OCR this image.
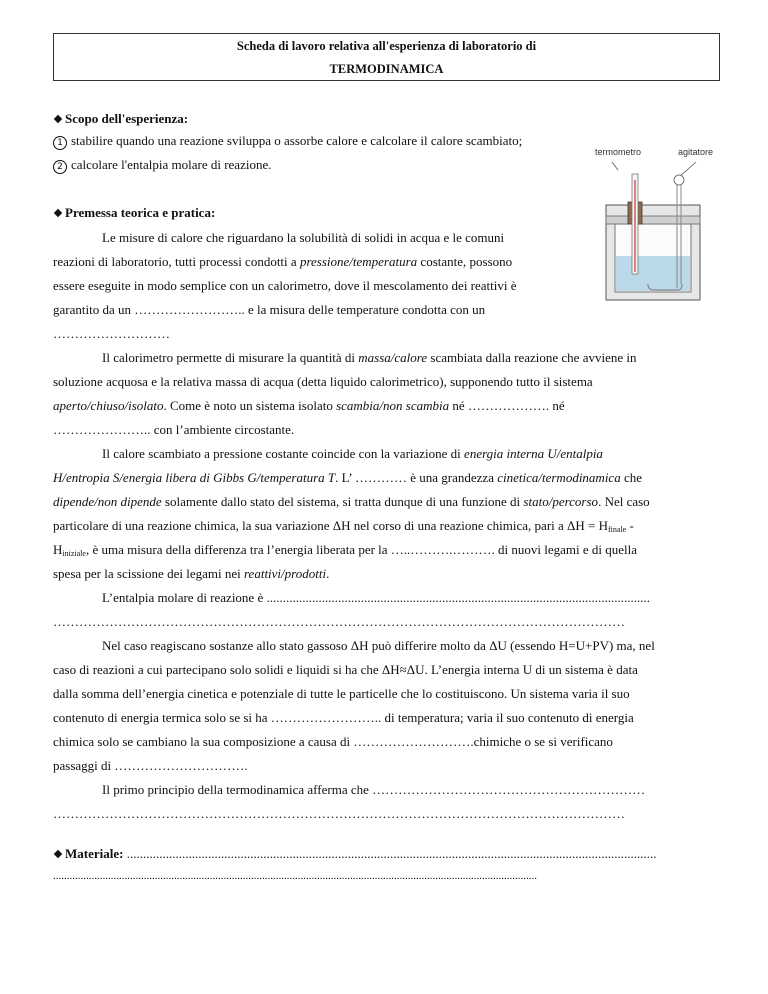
Scheda di lavoro relativa all'esperienza di laboratorio di
TERMODINAMICA
Scopo dell'esperienza:
1 stabilire quando una reazione sviluppa o assorbe calore e calcolare il calore scambiato;
2 calcolare l'entalpia molare di reazione.
termometro	agitatore
Premessa teorica e pratica:
Le misure di calore che riguardano la solubilità di solidi in acqua e le comuni
reazioni di laboratorio, tutti processi condotti a pressione/temperatura costante, possono
essere eseguite in modo semplice con un calorimetro, dove il mescolamento dei reattivi è
garantito da un …………………….. e la misura delle temperature condotta con un
………………………
Il calorimetro permette di misurare la quantità di massa/calore scambiata dalla reazione che avviene in
soluzione acquosa e la relativa massa di acqua (detta liquido calorimetrico), supponendo tutto il sistema
aperto/chiuso/isolato. Come è noto un sistema isolato scambia/non scambia né ………………. né
………………….. con l’ambiente circostante.
Il calore scambiato a pressione costante coincide con la variazione di energia interna U/entalpia
H/entropia S/energia libera di Gibbs G/temperatura T. L’ ………… è una grandezza cinetica/termodinamica che
dipende/non dipende solamente dallo stato del sistema, si tratta dunque di una funzione di stato/percorso. Nel caso
particolare di una reazione chimica, la sua variazione ΔH nel corso di una reazione chimica, pari a $\Delta H = H_{finale}$ -
$H_{iniziale}$, è uma misura della differenza tra l’energia liberata per la …..……….………. di nuovi legami e di quella
spesa per la scissione dei legami nei reattivi/prodotti.
L’entalpia molare di reazione è ......................................................................................................................
……………………………………………………………………………………………………………………
Nel caso reagiscano sostanze allo stato gassoso ΔH può differire molto da ΔU (essendo H=U+PV) ma, nel
caso di reazioni a cui partecipano solo solidi e liquidi si ha che ΔH≈ΔU. L’energia interna U di un sistema è data
dalla somma dell’energia cinetica e potenziale di tutte le particelle che lo costituiscono. Un sistema varia il suo
contenuto di energia termica solo se si ha …………………….. di temperatura; varia il suo contenuto di energia
chimica solo se cambiano la sua composizione a causa di ……………………….chimiche o se si verificano
passaggi di ………………………….
Il primo principio della termodinamica afferma che ………………………………………………………
……………………………………………………………………………………………………………………
Materiale: ...................................................................................................................................................................
................................................................................................................................................................................
